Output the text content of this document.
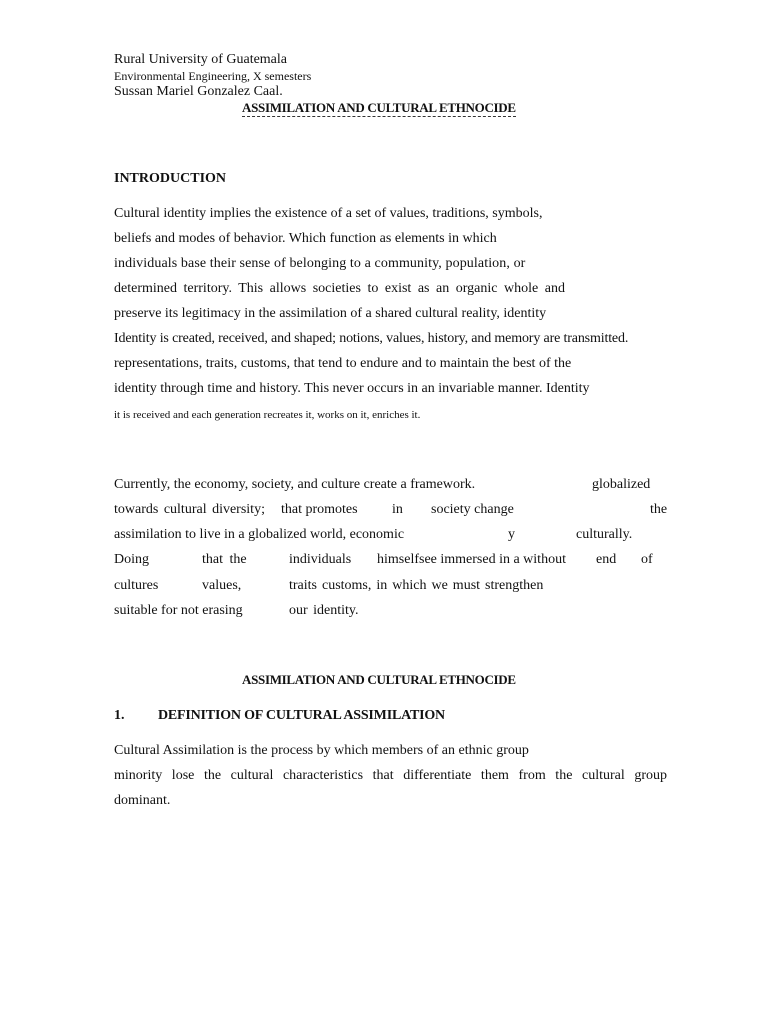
Rural University of Guatemala
Environmental Engineering, X semesters
Sussan Mariel Gonzalez Caal.
ASSIMILATION AND CULTURAL ETHNOCIDE
INTRODUCTION
Cultural identity implies the existence of a set of values, traditions, symbols,
beliefs and modes of behavior. Which function as elements in which
individuals base their sense of belonging to a community, population, or
determined territory. This allows societies to exist as an organic whole and
preserve its legitimacy in the assimilation of a shared cultural reality, identity
Identity is created, received, and shaped; notions, values, history, and memory are transmitted.
representations, traits, customs, that tend to endure and to maintain the best of the
identity through time and history. This never occurs in an invariable manner. Identity
it is received and each generation recreates it, works on it, enriches it.
Currently, the economy, society, and culture create a framework.	globalized
towards cultural diversity; that promotes in society change	the
assimilation to live in a globalized world, economic	y	culturally.
Doing	that the	individuals himselfsee immersed in a without end of
cultures	values,	traits customs, in which we must strengthen
suitable for not erasing	our identity.
ASSIMILATION AND CULTURAL ETHNOCIDE
1. DEFINITION OF CULTURAL ASSIMILATION
Cultural Assimilation is the process by which members of an ethnic group
minority lose the cultural characteristics that differentiate them from the cultural group
dominant.
